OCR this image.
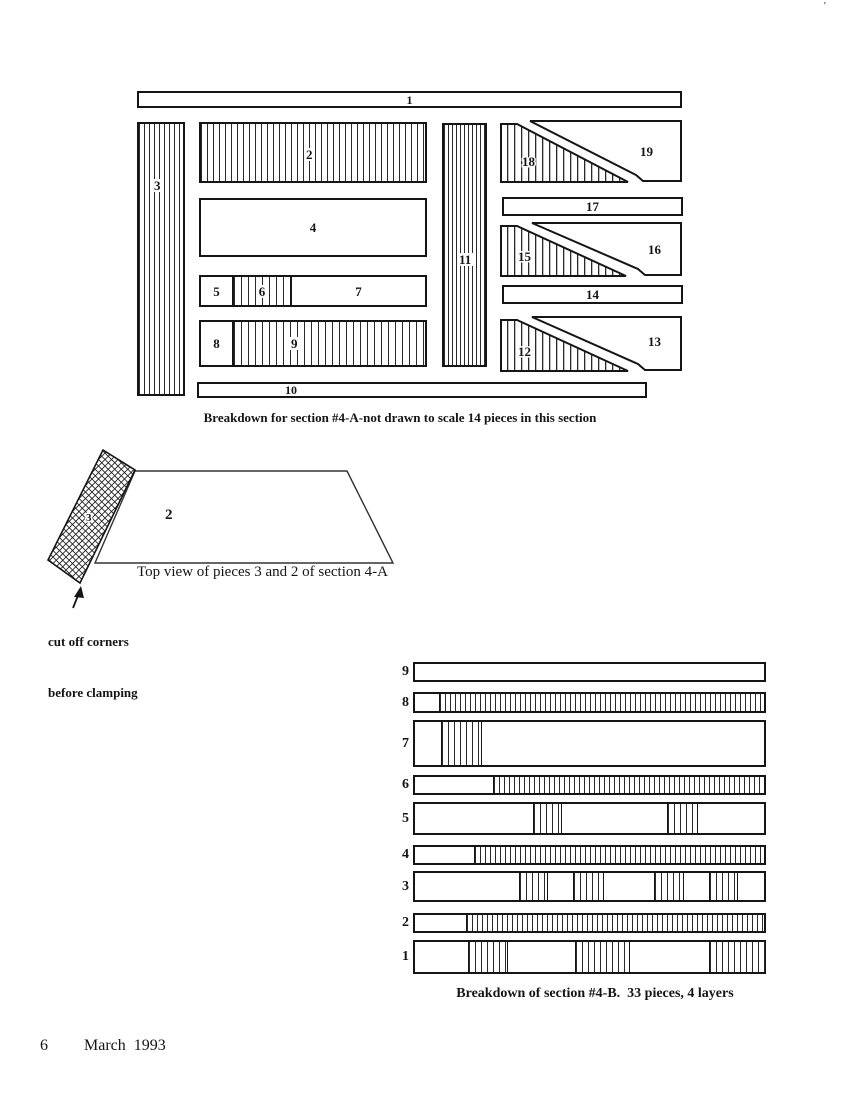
'
1
3
2
4
5	6	7
8	9
11
18
19
17
15	16
14
12
13
10
Breakdown for section #4-A-not drawn to scale 14 pieces in this section
2
3
Top view of pieces 3 and 2 of section 4-A

cut off corners

before clamping

9
8
7
6
5
4
3
2
1
Breakdown of section #4-B.  33 pieces, 4 layers
6 March  1993
